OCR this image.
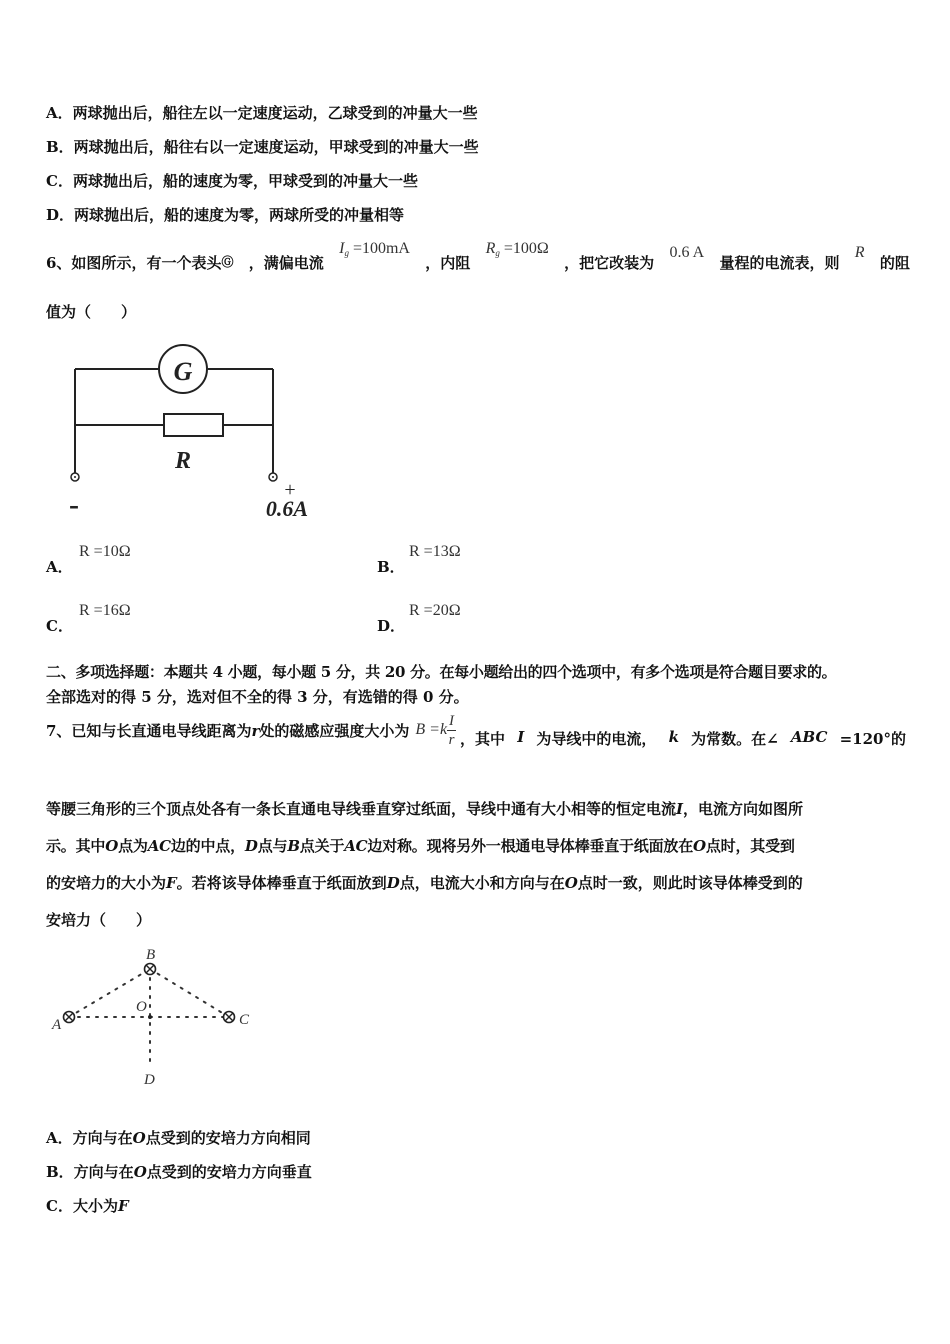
A．两球抛出后，船往左以一定速度运动，乙球受到的冲量大一些
B．两球抛出后，船往右以一定速度运动，甲球受到的冲量大一些
C．两球抛出后，船的速度为零，甲球受到的冲量大一些
D．两球抛出后，船的速度为零，两球所受的冲量相等
6、如图所示，有一个表头Ⓖ ，满偏电流
$I_g =100mA$
，内阻
$R_g =100\Omega$
，把它改装为
0.6 A
量程的电流表，则
R
的阻
值为（　　）
G
R
-	+
0.6A
A．
R =10Ω
B．
R =13Ω
C．
R =16Ω
D．
R =20Ω
二、多项选择题：本题共 4 小题，每小题 5 分，共 20 分。在每小题给出的四个选项中，有多个选项是符合题目要求的。
全部选对的得 5 分，选对但不全的得 3 分，有选错的得 0 分。
7、已知与长直通电导线距离为 r 处的磁感应强度大小为 $B =k \frac{I}{r}$ ，其中 I 为导线中的电流， k 为常数。在∠ ABC =120°的
等腰三角形的三个顶点处各有一条长直通电导线垂直穿过纸面，导线中通有大小相等的恒定电流I，电流方向如图所
示。其中O点为AC边的中点，D点与B点关于AC边对称。现将另外一根通电导体棒垂直于纸面放在O点时，其受到
的安培力的大小为F。若将该导体棒垂直于纸面放到D点，电流大小和方向与在O点时一致，则此时该导体棒受到的
安培力（　　）
A
B
C
O
D
A．方向与在O点受到的安培力方向相同
B．方向与在O点受到的安培力方向垂直
C．大小为F
